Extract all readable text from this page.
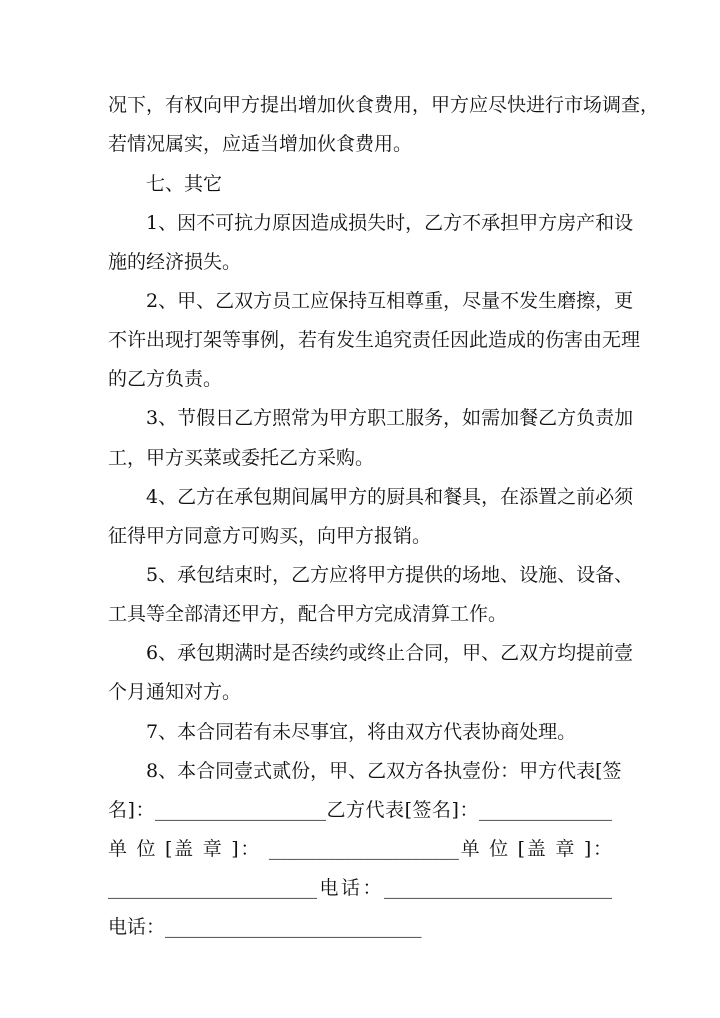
况下，有权向甲方提出增加伙食费用，甲方应尽快进行市场调查，
若情况属实，应适当增加伙食费用。
七、其它
1、因不可抗力原因造成损失时，乙方不承担甲方房产和设
施的经济损失。
2、甲、乙双方员工应保持互相尊重，尽量不发生磨擦，更
不许出现打架等事例，若有发生追究责任因此造成的伤害由无理
的乙方负责。
3、节假日乙方照常为甲方职工服务，如需加餐乙方负责加
工，甲方买菜或委托乙方采购。
4、乙方在承包期间属甲方的厨具和餐具，在添置之前必须
征得甲方同意方可购买，向甲方报销。
5、承包结束时，乙方应将甲方提供的场地、设施、设备、
工具等全部清还甲方，配合甲方完成清算工作。
6、承包期满时是否续约或终止合同，甲、乙双方均提前壹
个月通知对方。
7、本合同若有未尽事宜，将由双方代表协商处理。
8、本合同壹式贰份，甲、乙双方各执壹份：甲方代表[签
名]：__________________乙方代表[签名]：______________
单 位 [盖 章 ]： ____________________单 位 [盖 章 ]：
______________________电话：________________________
电话：___________________________
